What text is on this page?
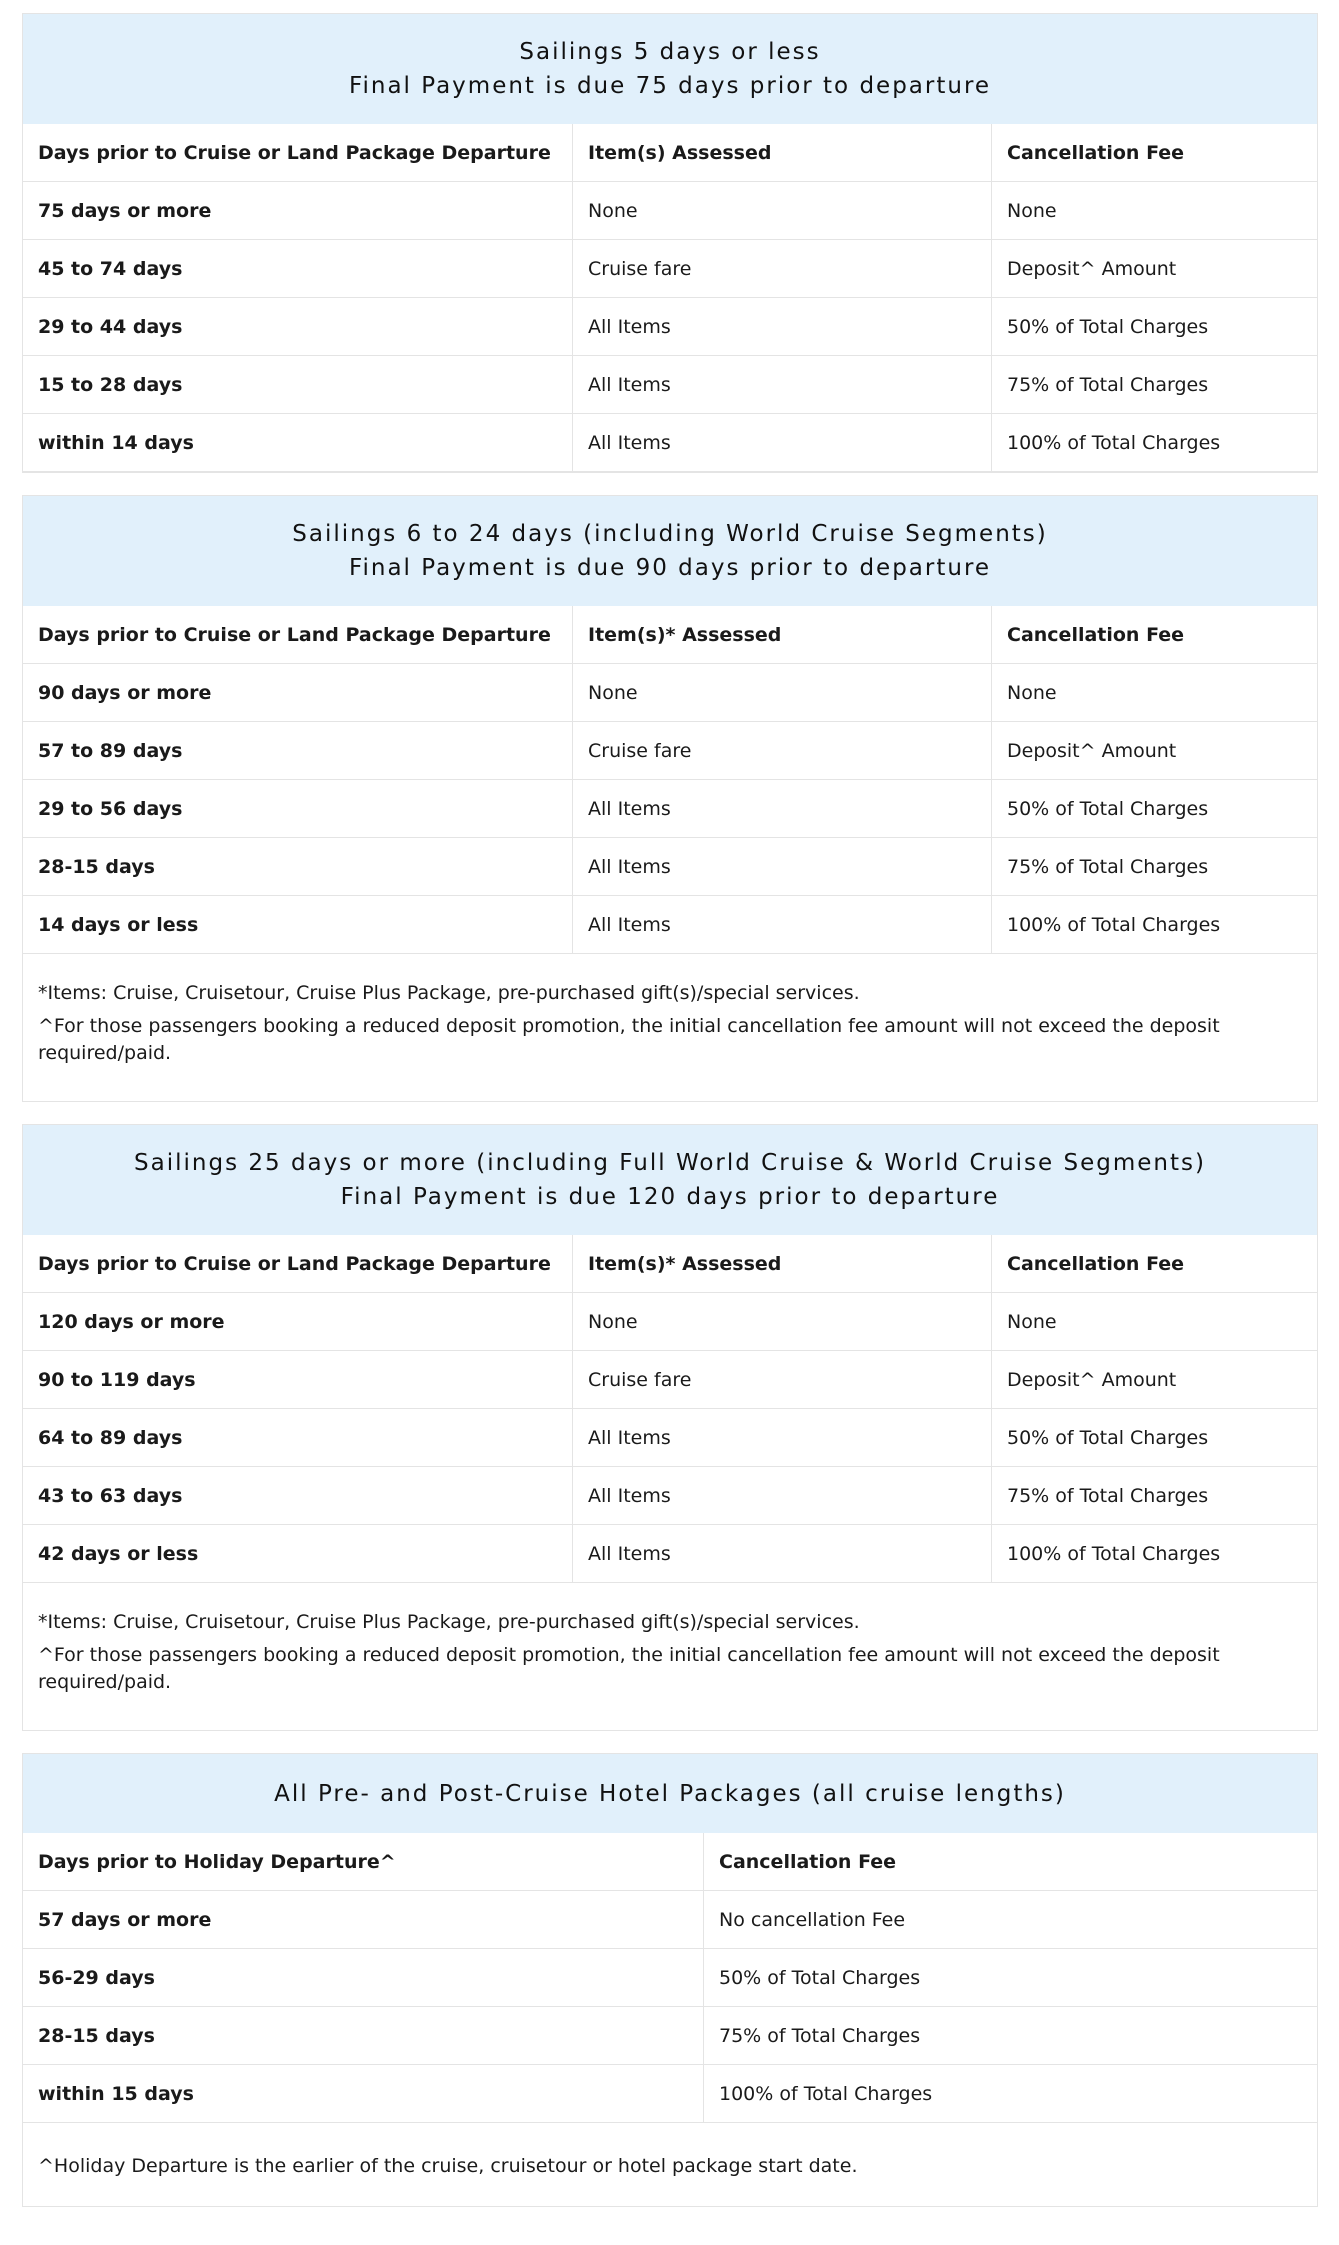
Sailings 5 days or less
Final Payment is due 75 days prior to departure
Days prior to Cruise or Land Package Departure	Item(s) Assessed	Cancellation Fee
75 days or more	None	None
45 to 74 days	Cruise fare	Deposit^ Amount
29 to 44 days	All Items	50% of Total Charges
15 to 28 days	All Items	75% of Total Charges
within 14 days	All Items	100% of Total Charges
Sailings 6 to 24 days (including World Cruise Segments)
Final Payment is due 90 days prior to departure
Days prior to Cruise or Land Package Departure	Item(s)* Assessed	Cancellation Fee
90 days or more	None	None
57 to 89 days	Cruise fare	Deposit^ Amount
29 to 56 days	All Items	50% of Total Charges
28-15 days	All Items	75% of Total Charges
14 days or less	All Items	100% of Total Charges

*Items: Cruise, Cruisetour, Cruise Plus Package, pre-purchased gift(s)/special services.

^For those passengers booking a reduced deposit promotion, the initial cancellation fee amount will not exceed the deposit required/paid.

Sailings 25 days or more (including Full World Cruise & World Cruise Segments)
Final Payment is due 120 days prior to departure
Days prior to Cruise or Land Package Departure	Item(s)* Assessed	Cancellation Fee
120 days or more	None	None
90 to 119 days	Cruise fare	Deposit^ Amount
64 to 89 days	All Items	50% of Total Charges
43 to 63 days	All Items	75% of Total Charges
42 days or less	All Items	100% of Total Charges

*Items: Cruise, Cruisetour, Cruise Plus Package, pre-purchased gift(s)/special services.

^For those passengers booking a reduced deposit promotion, the initial cancellation fee amount will not exceed the deposit required/paid.

All Pre- and Post-Cruise Hotel Packages (all cruise lengths)
Days prior to Holiday Departure^	Cancellation Fee
57 days or more	No cancellation Fee
56-29 days	50% of Total Charges
28-15 days	75% of Total Charges
within 15 days	100% of Total Charges

^Holiday Departure is the earlier of the cruise, cruisetour or hotel package start date.
